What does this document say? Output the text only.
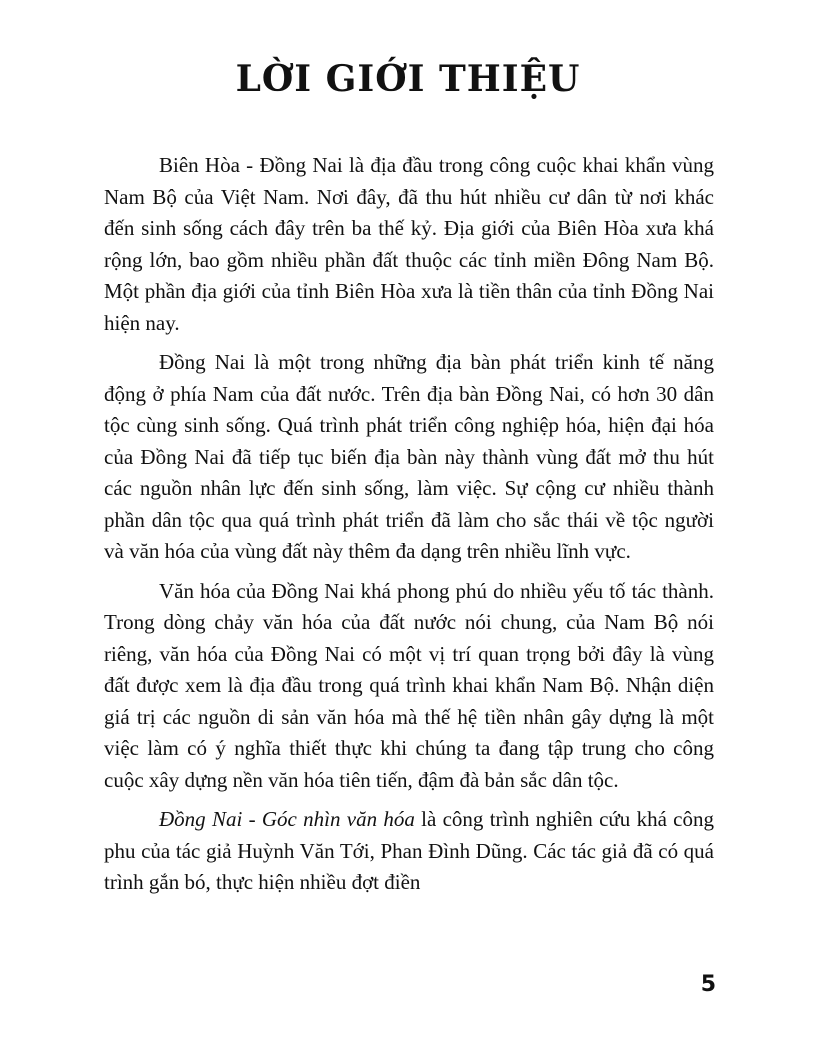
LỜI GIỚI THIỆU

Biên Hòa - Đồng Nai là địa đầu trong công cuộc khai khẩn vùng Nam Bộ của Việt Nam. Nơi đây, đã thu hút nhiều cư dân từ nơi khác đến sinh sống cách đây trên ba thế kỷ. Địa giới của Biên Hòa xưa khá rộng lớn, bao gồm nhiều phần đất thuộc các tỉnh miền Đông Nam Bộ. Một phần địa giới của tỉnh Biên Hòa xưa là tiền thân của tỉnh Đồng Nai hiện nay.

Đồng Nai là một trong những địa bàn phát triển kinh tế năng động ở phía Nam của đất nước. Trên địa bàn Đồng Nai, có hơn 30 dân tộc cùng sinh sống. Quá trình phát triển công nghiệp hóa, hiện đại hóa của Đồng Nai đã tiếp tục biến địa bàn này thành vùng đất mở thu hút các nguồn nhân lực đến sinh sống, làm việc. Sự cộng cư nhiều thành phần dân tộc qua quá trình phát triển đã làm cho sắc thái về tộc người và văn hóa của vùng đất này thêm đa dạng trên nhiều lĩnh vực.

Văn hóa của Đồng Nai khá phong phú do nhiều yếu tố tác thành. Trong dòng chảy văn hóa của đất nước nói chung, của Nam Bộ nói riêng, văn hóa của Đồng Nai có một vị trí quan trọng bởi đây là vùng đất được xem là địa đầu trong quá trình khai khẩn Nam Bộ. Nhận diện giá trị các nguồn di sản văn hóa mà thế hệ tiền nhân gây dựng là một việc làm có ý nghĩa thiết thực khi chúng ta đang tập trung cho công cuộc xây dựng nền văn hóa tiên tiến, đậm đà bản sắc dân tộc.

Đồng Nai - Góc nhìn văn hóa là công trình nghiên cứu khá công phu của tác giả Huỳnh Văn Tới, Phan Đình Dũng. Các tác giả đã có quá trình gắn bó, thực hiện nhiều đợt điền

5
